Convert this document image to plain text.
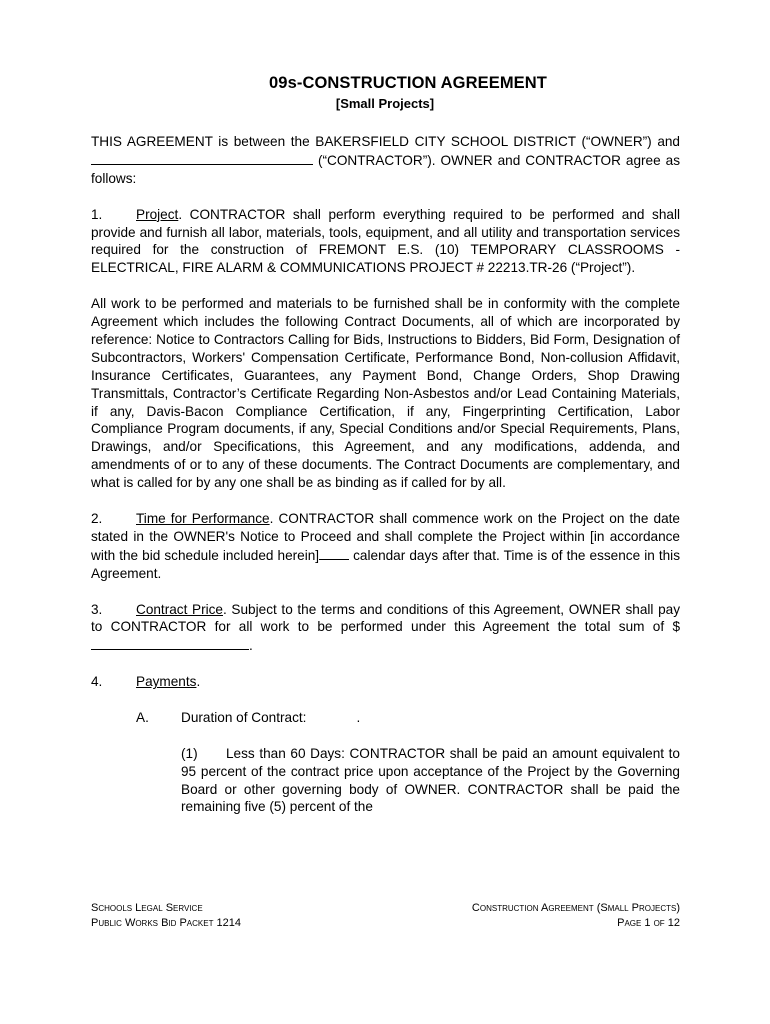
09s-CONSTRUCTION AGREEMENT
[Small Projects]

THIS AGREEMENT is between the BAKERSFIELD CITY SCHOOL DISTRICT (“OWNER”) and  (“CONTRACTOR”). OWNER and CONTRACTOR agree as follows:

1. Project. CONTRACTOR shall perform everything required to be performed and shall provide and furnish all labor, materials, tools, equipment, and all utility and transportation services required for the construction of FREMONT E.S. (10) TEMPORARY CLASSROOMS - ELECTRICAL, FIRE ALARM & COMMUNICATIONS PROJECT # 22213.TR-26 (“Project”).

All work to be performed and materials to be furnished shall be in conformity with the complete Agreement which includes the following Contract Documents, all of which are incorporated by reference: Notice to Contractors Calling for Bids, Instructions to Bidders, Bid Form, Designation of Subcontractors, Workers' Compensation Certificate, Performance Bond, Non-collusion Affidavit, Insurance Certificates, Guarantees, any Payment Bond, Change Orders, Shop Drawing Transmittals, Contractor’s Certificate Regarding Non-Asbestos and/or Lead Containing Materials, if any, Davis-Bacon Compliance Certification, if any, Fingerprinting Certification, Labor Compliance Program documents, if any, Special Conditions and/or Special Requirements, Plans, Drawings, and/or Specifications, this Agreement, and any modifications, addenda, and amendments of or to any of these documents. The Contract Documents are complementary, and what is called for by any one shall be as binding as if called for by all.

2. Time for Performance. CONTRACTOR shall commence work on the Project on the date stated in the OWNER's Notice to Proceed and shall complete the Project within [in accordance with the bid schedule included herein] calendar days after that. Time is of the essence in this Agreement.

3. Contract Price. Subject to the terms and conditions of this Agreement, OWNER shall pay to CONTRACTOR for all work to be performed under this Agreement the total sum of $.

4. Payments.

A. Duration of Contract:	.

(1) Less than 60 Days: CONTRACTOR shall be paid an amount equivalent to 95 percent of the contract price upon acceptance of the Project by the Governing Board or other governing body of OWNER. CONTRACTOR shall be paid the remaining five (5) percent of the

Schools Legal Service
Public Works Bid Packet 1214
Construction Agreement (Small Projects)
Page 1 of 12
